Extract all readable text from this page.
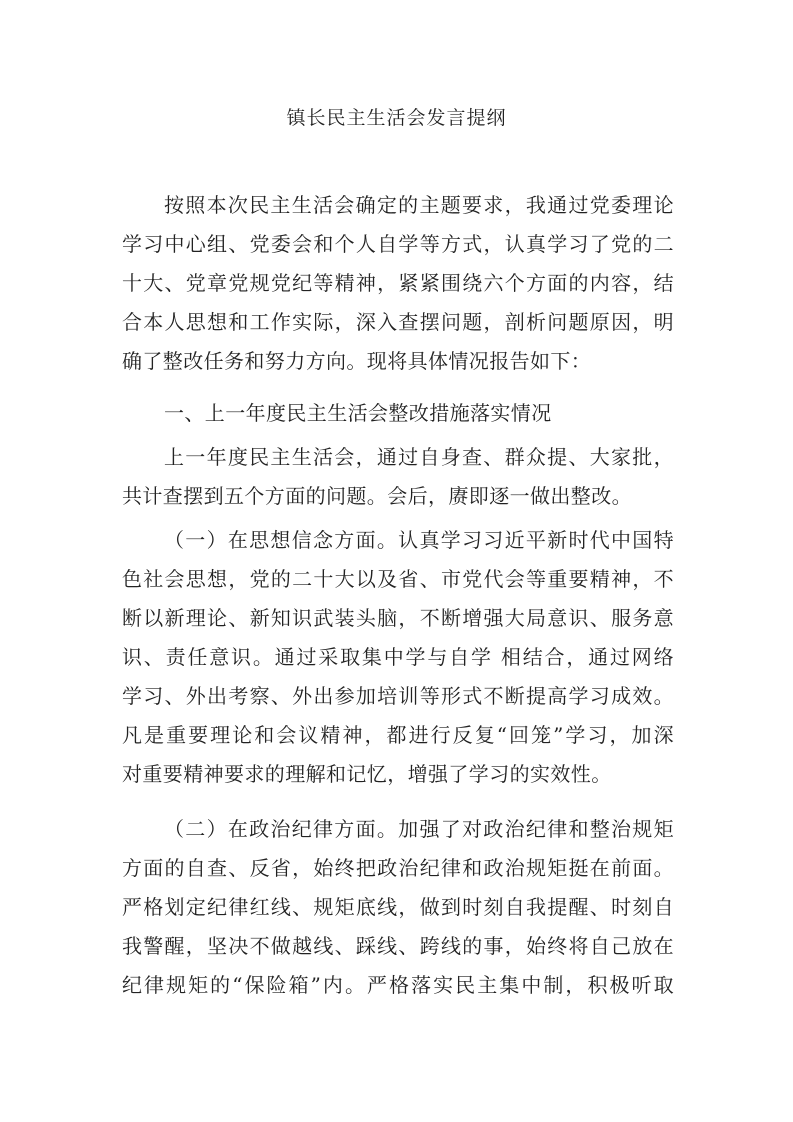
镇长民主生活会发言提纲
按照本次民主生活会确定的主题要求，我通过党委理论
学习中心组、党委会和个人自学等方式，认真学习了党的二
十大、党章党规党纪等精神，紧紧围绕六个方面的内容，结
合本人思想和工作实际，深入查摆问题，剖析问题原因，明
确了整改任务和努力方向。现将具体情况报告如下：
一、上一年度民主生活会整改措施落实情况
上一年度民主生活会，通过自身查、群众提、大家批，
共计查摆到五个方面的问题。会后，赓即逐一做出整改。
（一）在思想信念方面。认真学习习近平新时代中国特
色社会思想，党的二十大以及省、市党代会等重要精神，不
断以新理论、新知识武装头脑，不断增强大局意识、服务意
识、责任意识。通过采取集中学与自学 相结合，通过网络
学习、外出考察、外出参加培训等形式不断提高学习成效。
凡是重要理论和会议精神，都进行反复“回笼”学习，加深
对重要精神要求的理解和记忆，增强了学习的实效性。
（二）在政治纪律方面。加强了对政治纪律和整治规矩
方面的自查、反省，始终把政治纪律和政治规矩挺在前面。
严格划定纪律红线、规矩底线，做到时刻自我提醒、时刻自
我警醒，坚决不做越线、踩线、跨线的事，始终将自己放在
纪律规矩的“保险箱”内。严格落实民主集中制，积极听取
